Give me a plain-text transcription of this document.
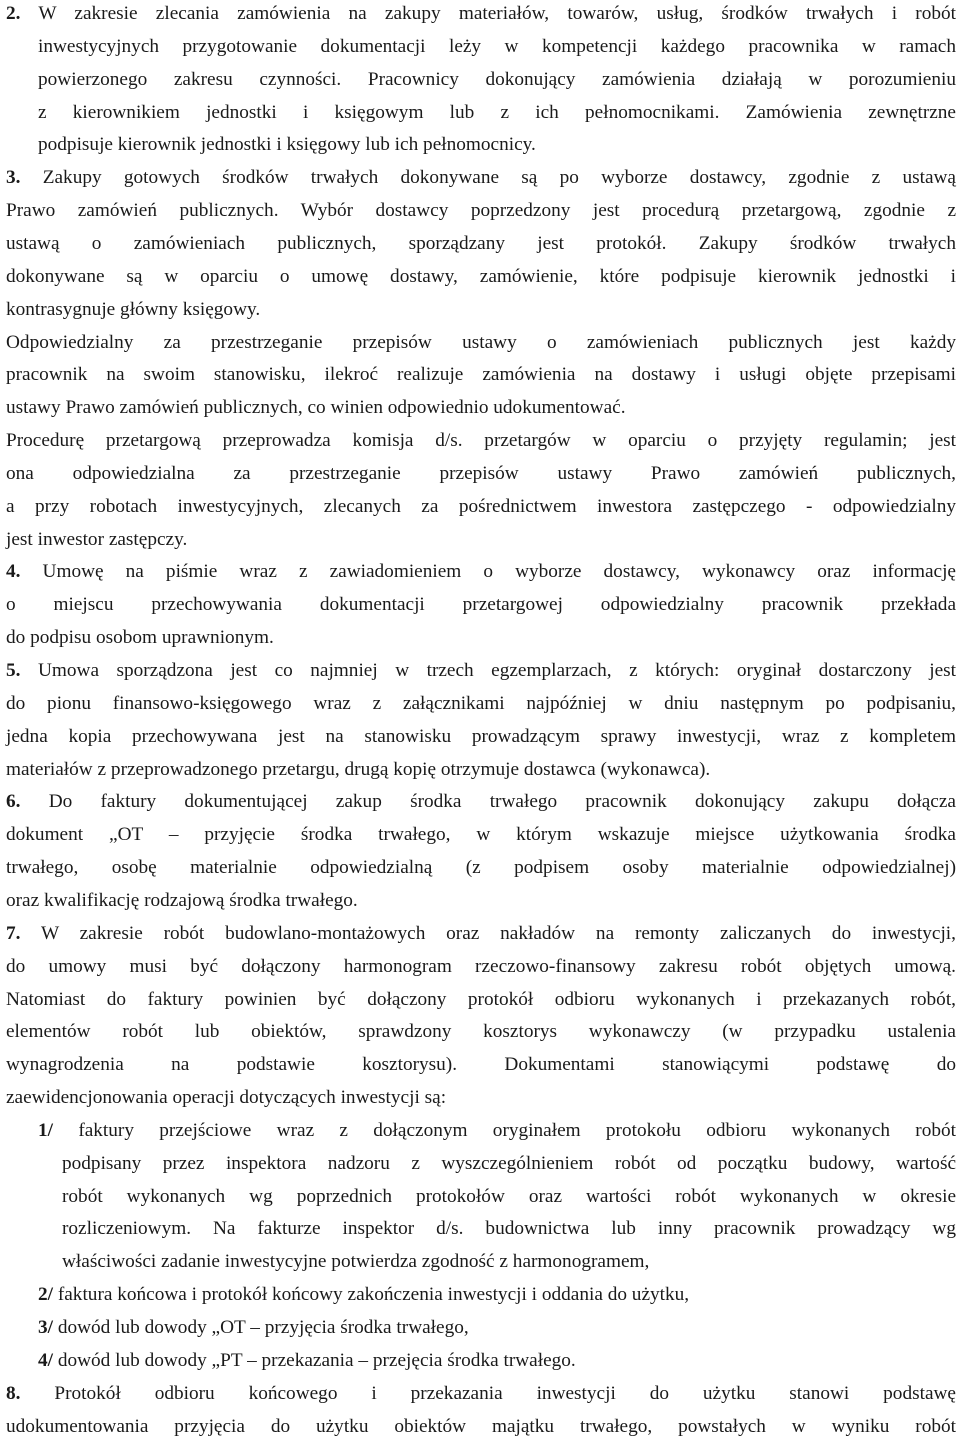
2. W zakresie zlecania zamówienia na zakupy materiałów, towarów, usług, środków trwałych i robót
inwestycyjnych przygotowanie dokumentacji leży w kompetencji każdego pracownika w ramach
powierzonego zakresu czynności. Pracownicy dokonujący zamówienia działają w porozumieniu
z kierownikiem jednostki i księgowym lub z ich pełnomocnikami. Zamówienia zewnętrzne
podpisuje kierownik jednostki i księgowy lub ich pełnomocnicy.
3. Zakupy gotowych środków trwałych dokonywane są po wyborze dostawcy, zgodnie z ustawą
Prawo zamówień publicznych. Wybór dostawcy poprzedzony jest procedurą przetargową, zgodnie z
ustawą o zamówieniach publicznych, sporządzany jest protokół. Zakupy środków trwałych
dokonywane są w oparciu o umowę dostawy, zamówienie, które podpisuje kierownik jednostki i
kontrasygnuje główny księgowy.
Odpowiedzialny za przestrzeganie przepisów ustawy o zamówieniach publicznych jest każdy
pracownik na swoim stanowisku, ilekroć realizuje zamówienia na dostawy i usługi objęte przepisami
ustawy Prawo zamówień publicznych, co winien odpowiednio udokumentować.
Procedurę przetargową przeprowadza komisja d/s. przetargów w oparciu o przyjęty regulamin; jest
ona odpowiedzialna za przestrzeganie przepisów ustawy Prawo zamówień publicznych,
a przy robotach inwestycyjnych, zlecanych za pośrednictwem inwestora zastępczego - odpowiedzialny
jest inwestor zastępczy.
4. Umowę na piśmie wraz z zawiadomieniem o wyborze dostawcy, wykonawcy oraz informację
o miejscu przechowywania dokumentacji przetargowej odpowiedzialny pracownik przekłada
do podpisu osobom uprawnionym.
5. Umowa sporządzona jest co najmniej w trzech egzemplarzach, z których: oryginał dostarczony jest
do pionu finansowo-księgowego wraz z załącznikami najpóźniej w dniu następnym po podpisaniu,
jedna kopia przechowywana jest na stanowisku prowadzącym sprawy inwestycji, wraz z kompletem
materiałów z przeprowadzonego przetargu, drugą kopię otrzymuje dostawca (wykonawca).
6. Do faktury dokumentującej zakup środka trwałego pracownik dokonujący zakupu dołącza
dokument „OT – przyjęcie środka trwałego, w którym wskazuje miejsce użytkowania środka
trwałego, osobę materialnie odpowiedzialną (z podpisem osoby materialnie odpowiedzialnej)
oraz kwalifikację rodzajową środka trwałego.
7. W zakresie robót budowlano-montażowych oraz nakładów na remonty zaliczanych do inwestycji,
do umowy musi być dołączony harmonogram rzeczowo-finansowy zakresu robót objętych umową.
Natomiast do faktury powinien być dołączony protokół odbioru wykonanych i przekazanych robót,
elementów robót lub obiektów, sprawdzony kosztorys wykonawczy (w przypadku ustalenia
wynagrodzenia na podstawie kosztorysu). Dokumentami stanowiącymi podstawę do
zaewidencjonowania operacji dotyczących inwestycji są:
1/ faktury przejściowe wraz z dołączonym oryginałem protokołu odbioru wykonanych robót
podpisany przez inspektora nadzoru z wyszczególnieniem robót od początku budowy, wartość
robót wykonanych wg poprzednich protokołów oraz wartości robót wykonanych w okresie
rozliczeniowym. Na fakturze inspektor d/s. budownictwa lub inny pracownik prowadzący wg
właściwości zadanie inwestycyjne potwierdza zgodność z harmonogramem,
2/ faktura końcowa i protokół końcowy zakończenia inwestycji i oddania do użytku,
3/ dowód lub dowody „OT – przyjęcia środka trwałego,
4/ dowód lub dowody „PT – przekazania – przejęcia środka trwałego.
8. Protokół odbioru końcowego i przekazania inwestycji do użytku stanowi podstawę
udokumentowania przyjęcia do użytku obiektów majątku trwałego, powstałych w wyniku robót
